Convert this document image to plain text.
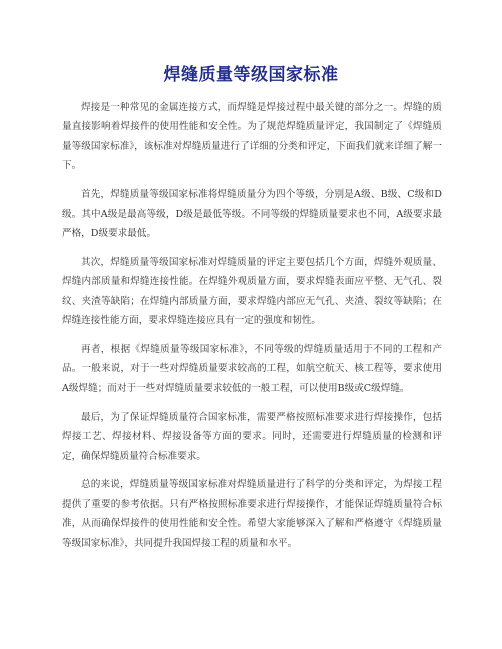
焊缝质量等级国家标准

焊接是一种常见的金属连接方式，而焊缝是焊接过程中最关键的部分之一。焊缝的质量直接影响着焊接件的使用性能和安全性。为了规范焊缝质量评定，我国制定了《焊缝质量等级国家标准》，该标准对焊缝质量进行了详细的分类和评定，下面我们就来详细了解一下。

首先，焊缝质量等级国家标准将焊缝质量分为四个等级，分别是A级、B级、C级和D级。其中A级是最高等级，D级是最低等级。不同等级的焊缝质量要求也不同，A级要求最严格，D级要求最低。

其次，焊缝质量等级国家标准对焊缝质量的评定主要包括几个方面，焊缝外观质量、焊缝内部质量和焊缝连接性能。在焊缝外观质量方面，要求焊缝表面应平整、无气孔、裂纹、夹渣等缺陷；在焊缝内部质量方面，要求焊缝内部应无气孔、夹渣、裂纹等缺陷；在焊缝连接性能方面，要求焊缝连接应具有一定的强度和韧性。

再者，根据《焊缝质量等级国家标准》，不同等级的焊缝质量适用于不同的工程和产品。一般来说，对于一些对焊缝质量要求较高的工程，如航空航天、核工程等，要求使用A级焊缝；而对于一些对焊缝质量要求较低的一般工程，可以使用B级或C级焊缝。

最后，为了保证焊缝质量符合国家标准，需要严格按照标准要求进行焊接操作，包括焊接工艺、焊接材料、焊接设备等方面的要求。同时，还需要进行焊缝质量的检测和评定，确保焊缝质量符合标准要求。

总的来说，焊缝质量等级国家标准对焊缝质量进行了科学的分类和评定，为焊接工程提供了重要的参考依据。只有严格按照标准要求进行焊接操作，才能保证焊缝质量符合标准，从而确保焊接件的使用性能和安全性。希望大家能够深入了解和严格遵守《焊缝质量等级国家标准》，共同提升我国焊接工程的质量和水平。
